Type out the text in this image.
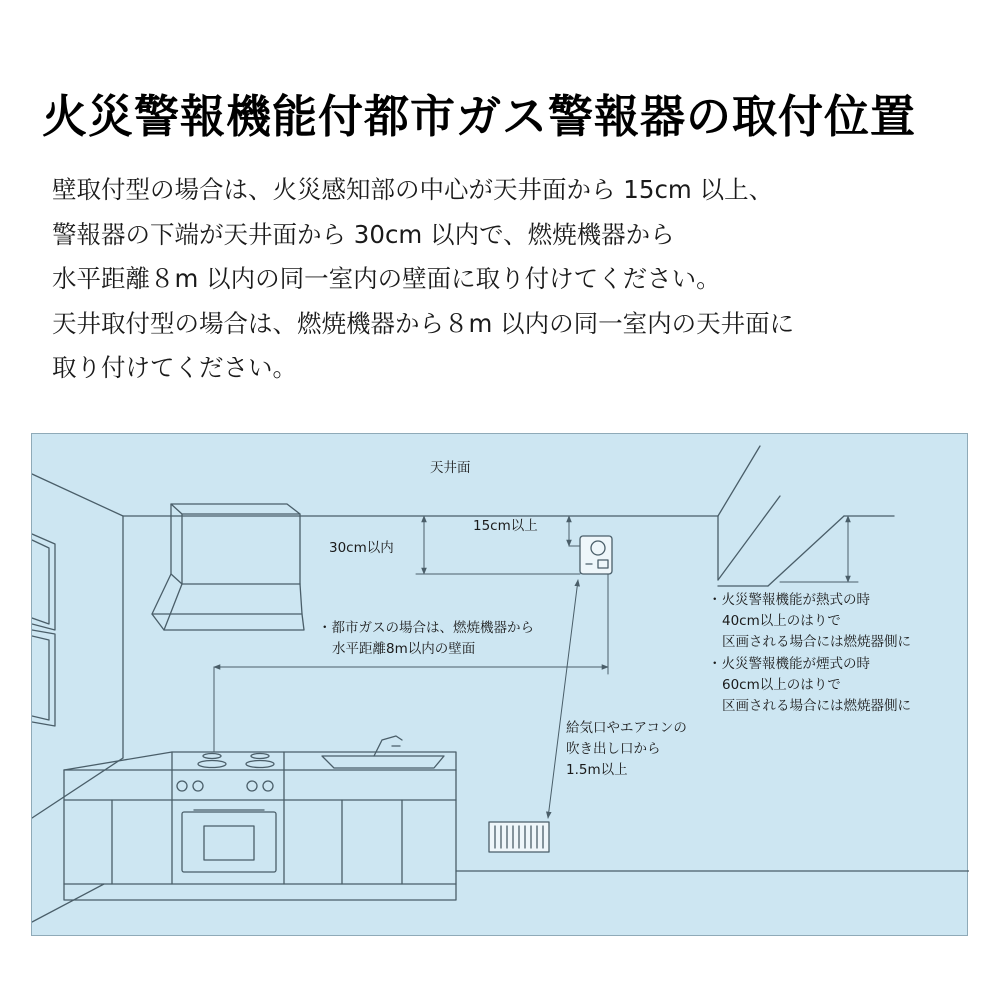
火災警報機能付都市ガス警報器の取付位置
壁取付型の場合は、火災感知部の中心が天井面から 15cm 以上、
警報器の下端が天井面から 30cm 以内で、燃焼機器から
水平距離８m 以内の同一室内の壁面に取り付けてください。
天井取付型の場合は、燃焼機器から８m 以内の同一室内の天井面に
取り付けてください。
天井面
15cm以上
30cm以内
・都市ガスの場合は、燃焼機器から
水平距離8m以内の壁面
給気口やエアコンの
吹き出し口から
1.5m以上
・火災警報機能が熱式の時
40cm以上のはりで
区画される場合には燃焼器側に
・火災警報機能が煙式の時
60cm以上のはりで
区画される場合には燃焼器側に
